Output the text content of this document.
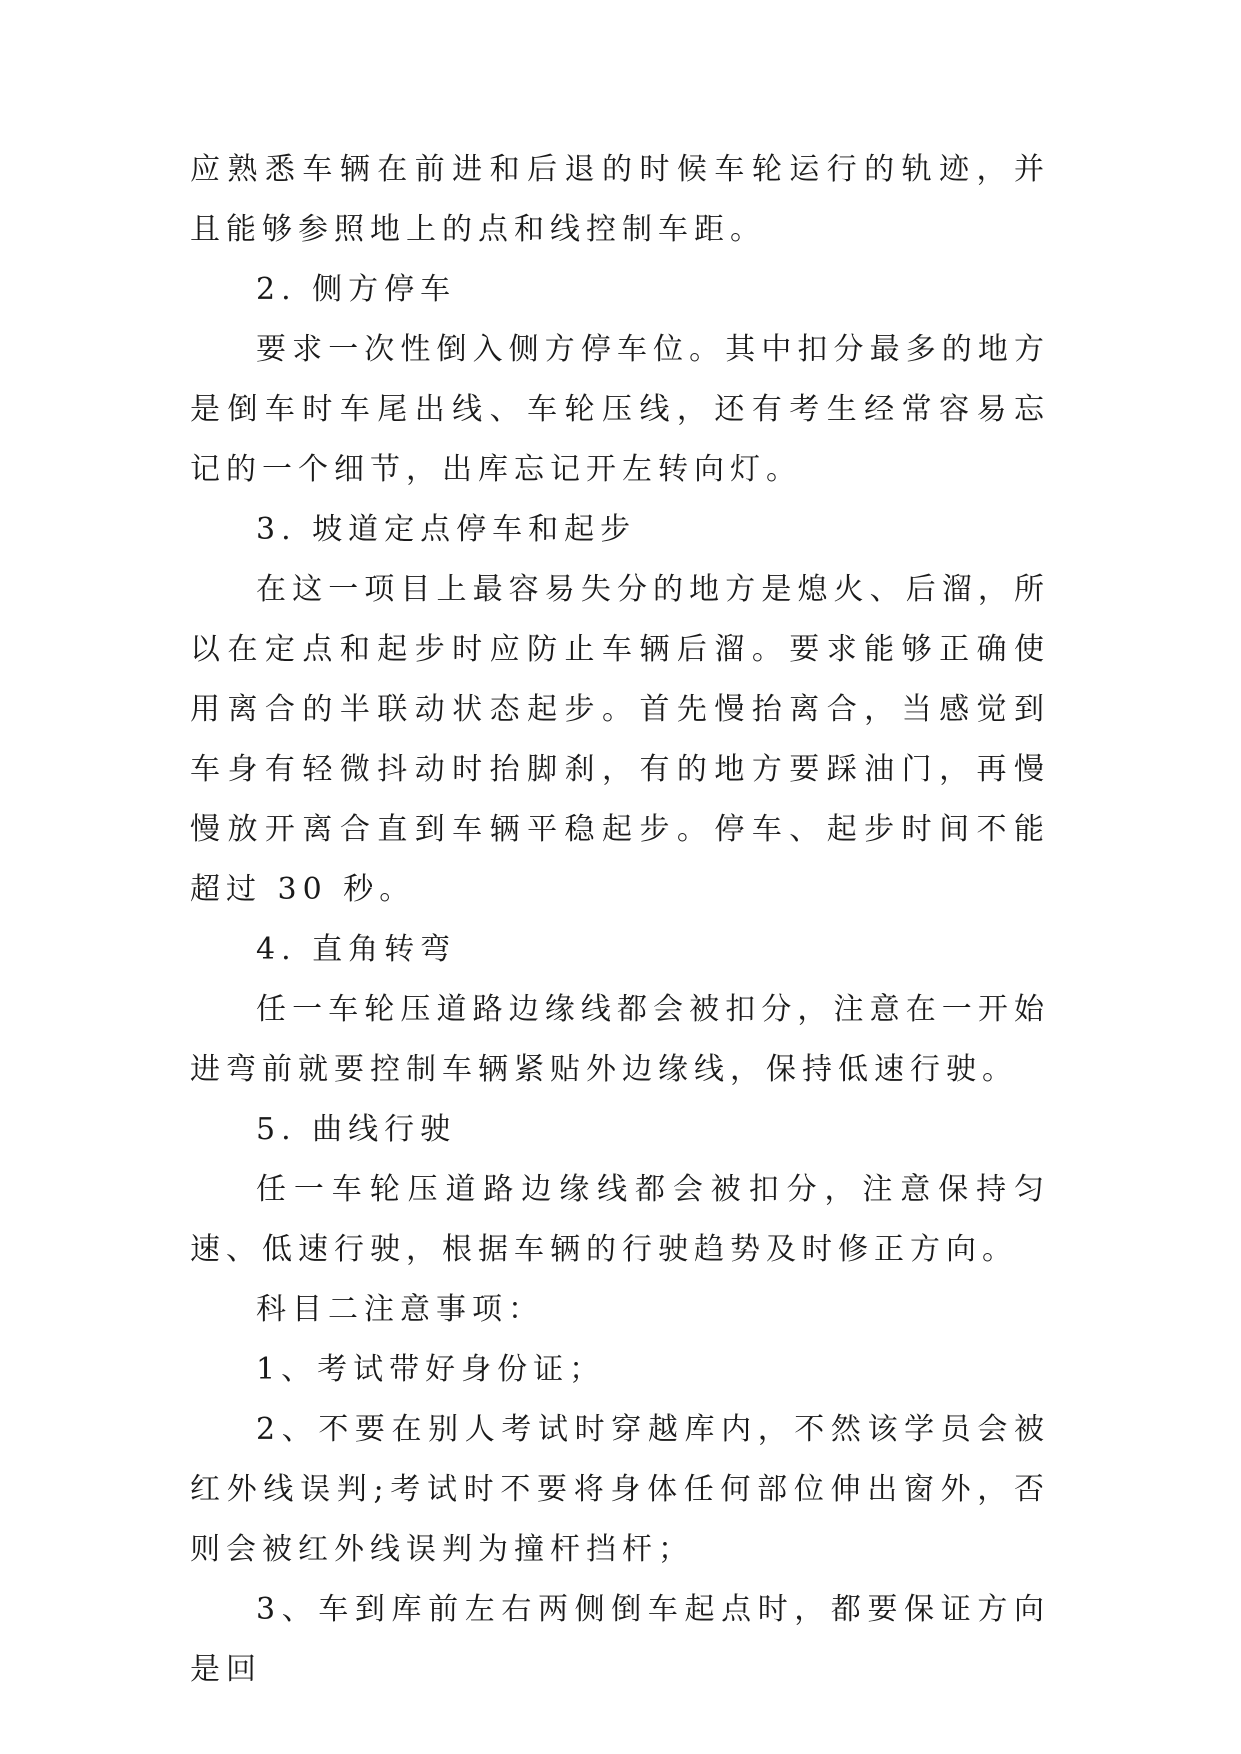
应熟悉车辆在前进和后退的时候车轮运行的轨迹，并且能够参照地上的点和线控制车距。

2. 侧方停车

要求一次性倒入侧方停车位。其中扣分最多的地方是倒车时车尾出线、车轮压线，还有考生经常容易忘记的一个细节，出库忘记开左转向灯。

3. 坡道定点停车和起步

在这一项目上最容易失分的地方是熄火、后溜，所以在定点和起步时应防止车辆后溜。要求能够正确使用离合的半联动状态起步。首先慢抬离合，当感觉到车身有轻微抖动时抬脚刹，有的地方要踩油门，再慢慢放开离合直到车辆平稳起步。停车、起步时间不能超过 30 秒。

4. 直角转弯

任一车轮压道路边缘线都会被扣分，注意在一开始进弯前就要控制车辆紧贴外边缘线，保持低速行驶。

5. 曲线行驶

任一车轮压道路边缘线都会被扣分，注意保持匀速、低速行驶，根据车辆的行驶趋势及时修正方向。

科目二注意事项：

1、考试带好身份证；

2、不要在别人考试时穿越库内，不然该学员会被红外线误判;考试时不要将身体任何部位伸出窗外，否则会被红外线误判为撞杆挡杆；

3、车到库前左右两侧倒车起点时，都要保证方向是回
